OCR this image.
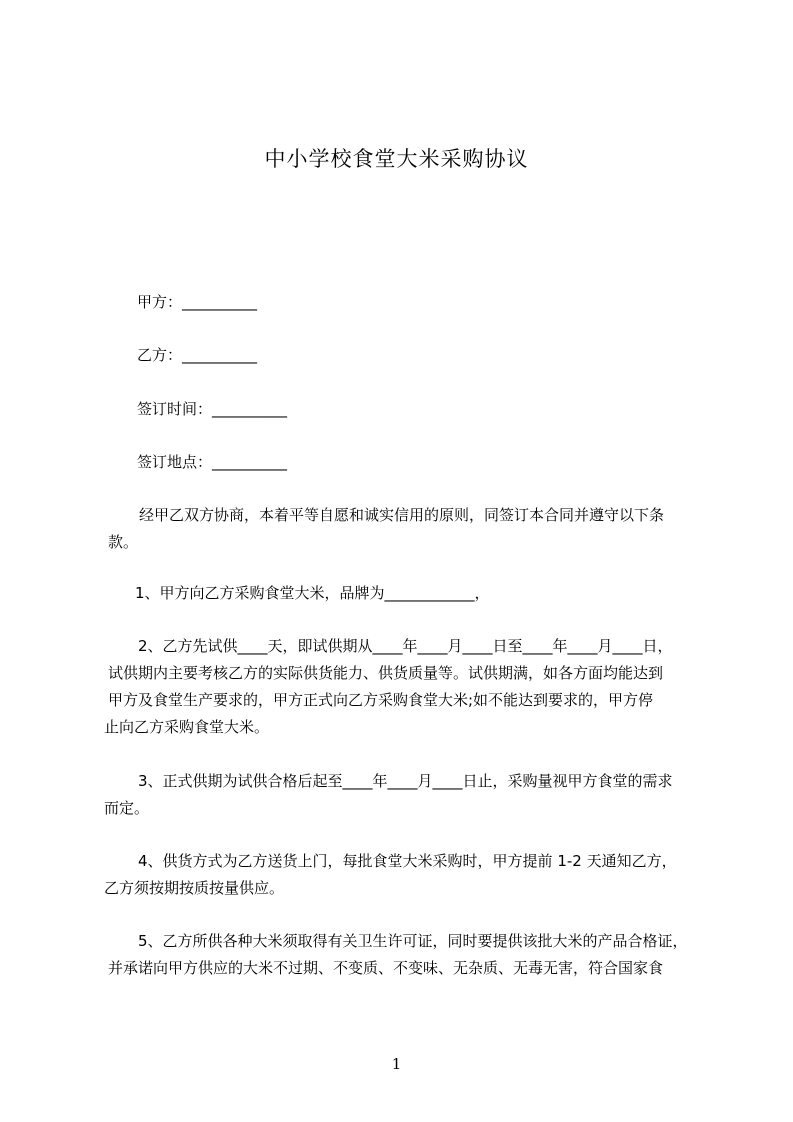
中小学校食堂大米采购协议
甲方：__________
乙方：__________
签订时间：__________
签订地点：__________
经甲乙双方协商，本着平等自愿和诚实信用的原则，同签订本合同并遵守以下条
款。
1、甲方向乙方采购食堂大米，品牌为____________，
2、乙方先试供____天，即试供期从____年____月____日至____年____月____日，
试供期内主要考核乙方的实际供货能力、供货质量等。试供期满，如各方面均能达到
甲方及食堂生产要求的，甲方正式向乙方采购食堂大米;如不能达到要求的，甲方停
止向乙方采购食堂大米。
3、正式供期为试供合格后起至____年____月____日止，采购量视甲方食堂的需求
而定。
4、供货方式为乙方送货上门，每批食堂大米采购时，甲方提前 1-2 天通知乙方，
乙方须按期按质按量供应。
5、乙方所供各种大米须取得有关卫生许可证，同时要提供该批大米的产品合格证，
并承诺向甲方供应的大米不过期、不变质、不变味、无杂质、无毒无害，符合国家食
1
